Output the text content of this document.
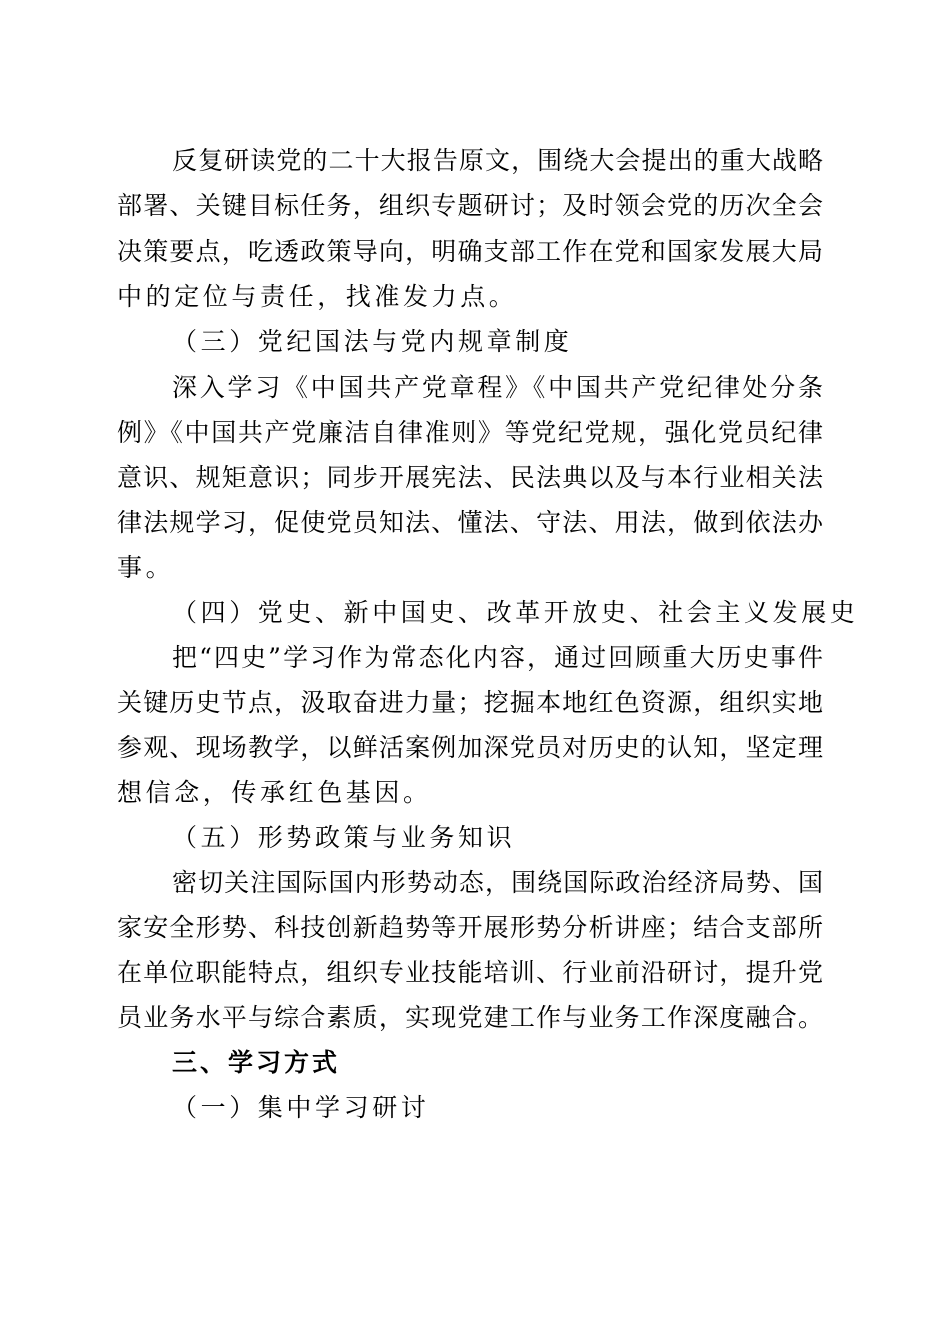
反复研读党的二十大报告原文，围绕大会提出的重大战略
部署、关键目标任务，组织专题研讨；及时领会党的历次全会
决策要点，吃透政策导向，明确支部工作在党和国家发展大局
中的定位与责任，找准发力点。
（三）党纪国法与党内规章制度
深入学习《中国共产党章程》《中国共产党纪律处分条
例》《中国共产党廉洁自律准则》等党纪党规，强化党员纪律
意识、规矩意识；同步开展宪法、民法典以及与本行业相关法
律法规学习，促使党员知法、懂法、守法、用法，做到依法办
事。
（四）党史、新中国史、改革开放史、社会主义发展史
把“四史”学习作为常态化内容，通过回顾重大历史事件
关键历史节点，汲取奋进力量；挖掘本地红色资源，组织实地
参观、现场教学，以鲜活案例加深党员对历史的认知，坚定理
想信念，传承红色基因。
（五）形势政策与业务知识
密切关注国际国内形势动态，围绕国际政治经济局势、国
家安全形势、科技创新趋势等开展形势分析讲座；结合支部所
在单位职能特点，组织专业技能培训、行业前沿研讨，提升党
员业务水平与综合素质，实现党建工作与业务工作深度融合。
三、学习方式
（一）集中学习研讨
